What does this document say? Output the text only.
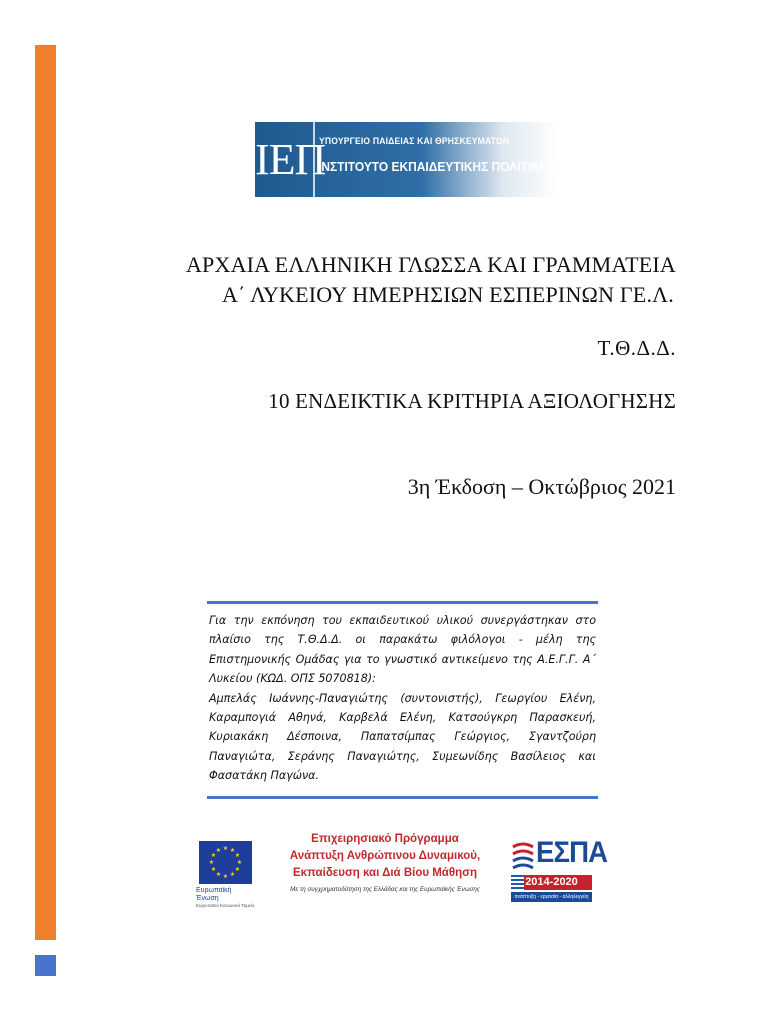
ΙΕΠ
ΥΠΟΥΡΓΕΙΟ ΠΑΙΔΕΙΑΣ ΚΑΙ ΘΡΗΣΚΕΥΜΑΤΩΝ
ΙΝΣΤΙΤΟΥΤΟ ΕΚΠΑΙΔΕΥΤΙΚΗΣ ΠΟΛΙΤΙΚΗΣ
ΑΡΧΑΙΑ ΕΛΛΗΝΙΚΗ ΓΛΩΣΣΑ ΚΑΙ ΓΡΑΜΜΑΤΕΙΑ
Α΄ ΛΥΚΕΙΟΥ ΗΜΕΡΗΣΙΩΝ ΕΣΠΕΡΙΝΩΝ ΓΕ.Λ.
Τ.Θ.Δ.Δ.
10 ΕΝΔΕΙΚΤΙΚΑ ΚΡΙΤΗΡΙΑ ΑΞΙΟΛΟΓΗΣΗΣ
3η Έκδοση – Οκτώβριος 2021

Για την εκπόνηση του εκπαιδευτικού υλικού συνεργάστηκαν στο πλαίσιο της Τ.Θ.Δ.Δ. οι παρακάτω φιλόλογοι - μέλη της Επιστημονικής Ομάδας για το γνωστικό αντικείμενο της Α.Ε.Γ.Γ. Α΄ Λυκείου (ΚΩΔ. ΟΠΣ 5070818):

Αμπελάς Ιωάννης-Παναγιώτης (συντονιστής), Γεωργίου Ελένη, Καραμπογιά Αθηνά, Καρβελά Ελένη, Κατσούγκρη Παρασκευή, Κυριακάκη Δέσποινα, Παπατσίμπας Γεώργιος, Σγαντζούρη Παναγιώτα, Σεράνης Παναγιώτης, Συμεωνίδης Βασίλειος και Φασατάκη Παγώνα.

★ ★
★
★
★
★
★
★
★
★
★
★
Ευρωπαϊκή Ένωση
Ευρωπαϊκό Κοινωνικό Ταμείο
Επιχειρησιακό Πρόγραμμα
Ανάπτυξη Ανθρώπινου Δυναμικού,
Εκπαίδευση και Διά Βίου Μάθηση
Με τη συγχρηματοδότηση της Ελλάδας και της Ευρωπαϊκής Ένωσης
ΕΣΠΑ
2014-2020
ανάπτυξη - εργασία - αλληλεγγύη
